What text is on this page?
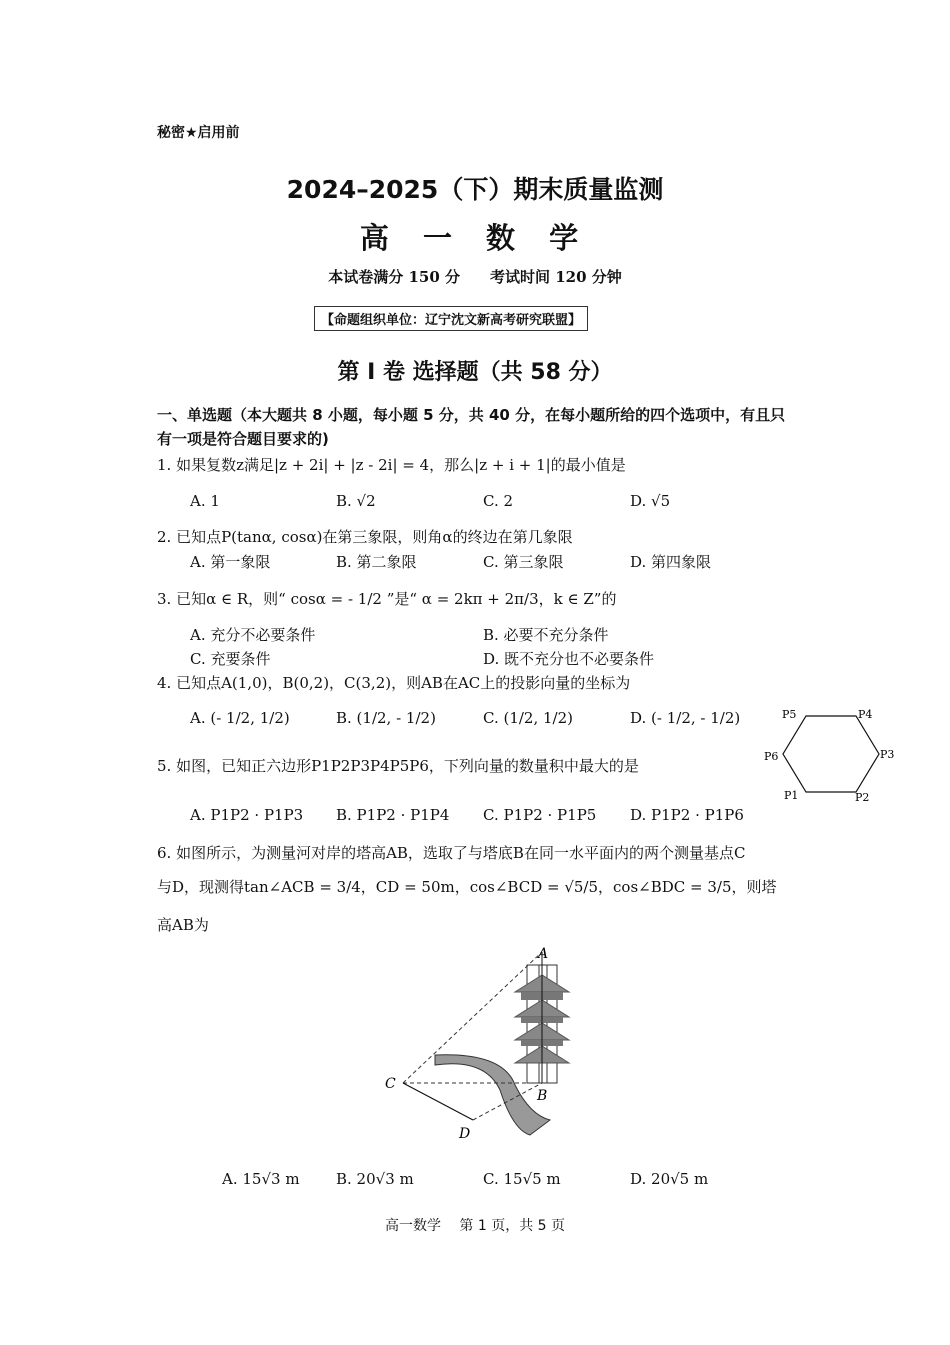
秘密★启用前
2024–2025（下）期末质量监测
高 一 数 学
本试卷满分 150 分　　考试时间 120 分钟
【命题组织单位：辽宁沈文新高考研究联盟】
第 I 卷 选择题（共 58 分）
一、单选题（本大题共 8 小题，每小题 5 分，共 40 分，在每小题所给的四个选项中，有且只
有一项是符合题目要求的)
1. 如果复数z满足|z + 2i| + |z - 2i| = 4，那么|z + i + 1|的最小值是
A. 1	B. √2	C. 2	D. √5
2. 已知点P(tanα, cosα)在第三象限，则角α的终边在第几象限
A. 第一象限	B. 第二象限	C. 第三象限	D. 第四象限
3. 已知α ∈ R，则“ cosα = - 1/2 ”是“ α = 2kπ + 2π/3，k ∈ Z”的
A. 充分不必要条件	B. 必要不充分条件
C. 充要条件	D. 既不充分也不必要条件
4. 已知点A(1,0)，B(0,2)，C(3,2)，则AB在AC上的投影向量的坐标为
A. (- 1/2, 1/2)	B. (1/2, - 1/2)	C. (1/2, 1/2)	D. (- 1/2, - 1/2)
P1	P2
P3
P4
P5
P6
5. 如图，已知正六边形P1P2P3P4P5P6，下列向量的数量积中最大的是
A. P1P2 · P1P3 B. P1P2 · P1P4 C. P1P2 · P1P5 D. P1P2 · P1P6
6. 如图所示，为测量河对岸的塔高AB，选取了与塔底B在同一水平面内的两个测量基点C
与D，现测得tan∠ACB = 3/4，CD = 50m，cos∠BCD = √5/5，cos∠BDC = 3/5，则塔
高AB为
A
B
C
D
A. 15√3 m B. 20√3 m	C. 15√5 m	D. 20√5 m
高一数学　 第 1 页，共 5 页
